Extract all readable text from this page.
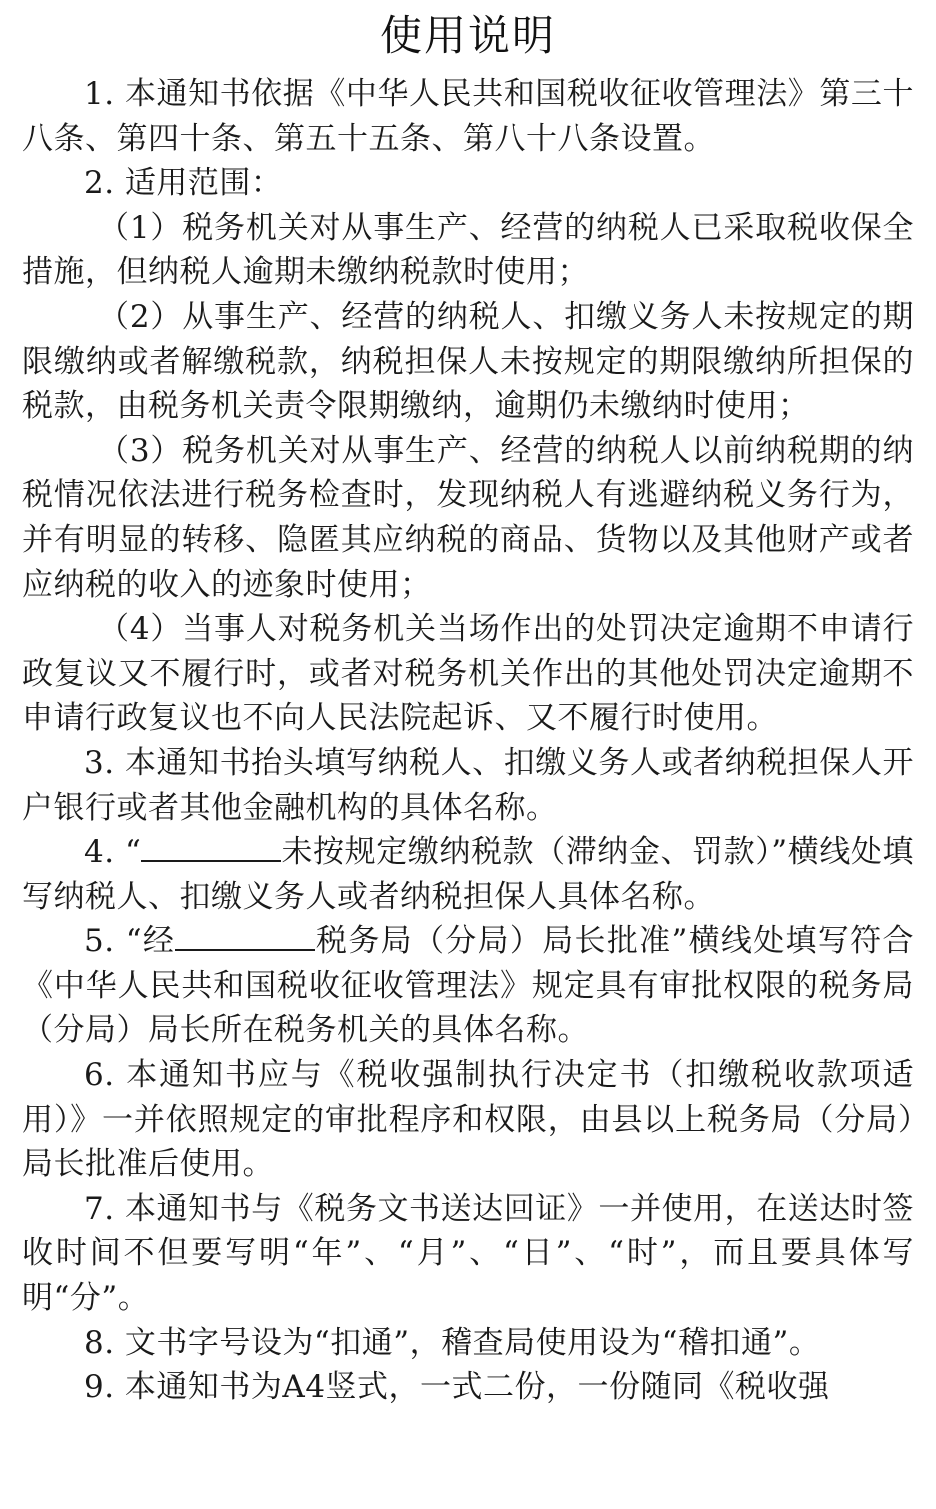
使用说明

1. 本通知书依据《中华人民共和国税收征收管理法》第三十八条、第四十条、第五十五条、第八十八条设置。

2. 适用范围：

（1）税务机关对从事生产、经营的纳税人已采取税收保全措施，但纳税人逾期未缴纳税款时使用；

（2）从事生产、经营的纳税人、扣缴义务人未按规定的期限缴纳或者解缴税款，纳税担保人未按规定的期限缴纳所担保的税款，由税务机关责令限期缴纳，逾期仍未缴纳时使用；

（3）税务机关对从事生产、经营的纳税人以前纳税期的纳税情况依法进行税务检查时，发现纳税人有逃避纳税义务行为，并有明显的转移、隐匿其应纳税的商品、货物以及其他财产或者应纳税的收入的迹象时使用；

（4）当事人对税务机关当场作出的处罚决定逾期不申请行政复议又不履行时，或者对税务机关作出的其他处罚决定逾期不申请行政复议也不向人民法院起诉、又不履行时使用。

3. 本通知书抬头填写纳税人、扣缴义务人或者纳税担保人开户银行或者其他金融机构的具体名称。

4. “	未按规定缴纳税款（滞纳金、罚款）”横线处填写纳税人、扣缴义务人或者纳税担保人具体名称。

5. “经	税务局（分局）局长批准”横线处填写符合《中华人民共和国税收征收管理法》规定具有审批权限的税务局（分局）局长所在税务机关的具体名称。

6. 本通知书应与《税收强制执行决定书（扣缴税收款项适用）》一并依照规定的审批程序和权限，由县以上税务局（分局）局长批准后使用。

7. 本通知书与《税务文书送达回证》一并使用，在送达时签收时间不但要写明“年”、“月”、“日”、“时”，而且要具体写明“分”。

8. 文书字号设为“扣通”，稽查局使用设为“稽扣通”。

9. 本通知书为A4竖式，一式二份，一份随同《税收强
